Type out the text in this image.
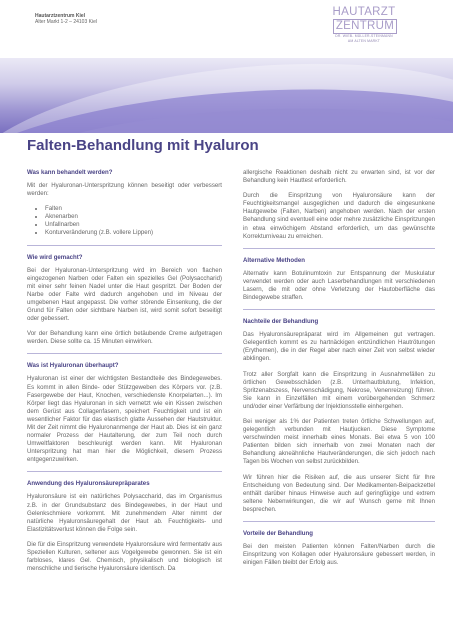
Hautarztzentrum Kiel
Alter Markt 1-2 – 24103 Kiel
HAUTARZTZENTRUM
DR. WIEB- MÜLLER-STEINMANN
AM ALTEN MARKT
Falten-Behandlung mit Hyaluron
Was kann behandelt werden?

Mit der Hyaluronan-Unterspritzung können beseitigt oder verbessert werden:

• Falten
• Aknenarben
• Unfallnarben
• Konturveränderung (z.B. vollere Lippen)
Wie wird gemacht?

Bei der Hyaluronan-Unterspritzung wird im Bereich von flachen eingezogenen Narben oder Falten ein spezielles Gel (Polysaccharid) mit einer sehr feinen Nadel unter die Haut gespritzt. Der Boden der Narbe oder Falte wird dadurch angehoben und im Niveau der umgebenen Haut angepasst. Die vorher störende Einsenkung, die der Grund für Falten oder sichtbare Narben ist, wird somit sofort beseitigt oder gebessert.

Vor der Behandlung kann eine örtlich betäubende Creme aufgetragen werden. Diese sollte ca. 15 Minuten einwirken.

Was ist Hyaluronan überhaupt?

Hyaluronan ist einer der wichtigsten Bestandteile des Bindegewebes. Es kommt in allen Binde- oder Stützgeweben des Körpers vor. (z.B. Fasergewebe der Haut, Knochen, verschiedenste Knorpelarten...). Im Körper liegt das Hyaluronan in sich vernetzt wie ein Kissen zwischen dem Gerüst aus Collagenfasern, speichert Feuchtigkeit und ist ein wesentlicher Faktor für das elastisch glatte Aussehen der Hautstruktur. Mit der Zeit nimmt die Hyaluronanmenge der Haut ab. Dies ist ein ganz normaler Prozess der Hautalterung, der zum Teil noch durch Umweltfaktoren beschleunigt werden kann. Mit Hyaluronan Unterspritzung hat man hier die Möglichkeit, diesem Prozess entgegenzuwirken.

Anwendung des Hyaluronsäurepräparates

Hyaluronsäure ist ein natürliches Polysaccharid, das im Organismus z.B. in der Grundsubstanz des Bindegewebes, in der Haut und Gelenkschmiere vorkommt. Mit zunehmendem Alter nimmt der natürliche Hyaluronsäuregehalt der Haut ab. Feuchtigkeits- und Elastizitätsverlust können die Folge sein.

Die für die Einspritzung verwendete Hyaluronsäure wird fermentativ aus Speziellen Kulturen, seltener aus Vogelgewebe gewonnen. Sie ist ein farbloses, klares Gel. Chemisch, physikalisch und biologisch ist menschliche und tierische Hyaluronsäure identisch. Da

allergische Reaktionen deshalb nicht zu erwarten sind, ist vor der Behandlung kein Hauttest erforderlich.

Durch die Einspritzung von Hyaluronsäure kann der Feuchtigkeitsmangel ausgeglichen und dadurch die eingesunkene Hautgewebe (Falten, Narben) angehoben werden. Nach der ersten Behandlung sind eventuell eine oder mehre zusätzliche Einspritzungen in etwa einwöchigem Abstand erforderlich, um das gewünschte Korrekturniveau zu erreichen.

Alternative Methoden

Alternativ kann Botulinumtoxin zur Entspannung der Muskulatur verwendet werden oder auch Laserbehandlungen mit verschiedenen Lasern, die mit oder ohne Verletzung der Hautoberfläche das Bindegewebe straffen.

Nachteile der Behandlung

Das Hyaluronsäurepräparat wird im Allgemeinen gut vertragen. Gelegentlich kommt es zu hartnäckigen entzündlichen Hautrötungen (Erythemen), die in der Regel aber nach einer Zeit von selbst wieder abklingen.

Trotz aller Sorgfalt kann die Einspritzung in Ausnahmefällen zu örtlichen Gewebsschäden (z.B. Unterhautblutung, Infektion, Spritzenabszess, Nervenschädigung, Nekrose, Venenreizung) führen. Sie kann in Einzelfällen mit einem vorübergehenden Schmerz und/oder einer Verfärbung der Injektionsstelle einhergehen.

Bei weniger als 1% der Patienten treten örtliche Schwellungen auf, gelegentlich verbunden mit Hautjucken. Diese Symptome verschwinden meist innerhalb eines Monats. Bei etwa 5 von 100 Patienten bilden sich innerhalb von zwei Monaten nach der Behandlung akneähnliche Hautveränderungen, die sich jedoch nach Tagen bis Wochen von selbst zurückbilden.

Wir führen hier die Risiken auf, die aus unserer Sicht für Ihre Entscheidung von Bedeutung sind. Der Medikamenten-Beipackzettel enthält darüber hinaus Hinweise auch auf geringfügige und extrem seltene Nebenwirkungen, die wir auf Wunsch gerne mit Ihnen besprechen.

Vorteile der Behandlung

Bei den meisten Patienten können Falten/Narben durch die Einspritzung von Kollagen oder Hyaluronsäure gebessert werden, in einigen Fällen bleibt der Erfolg aus.
